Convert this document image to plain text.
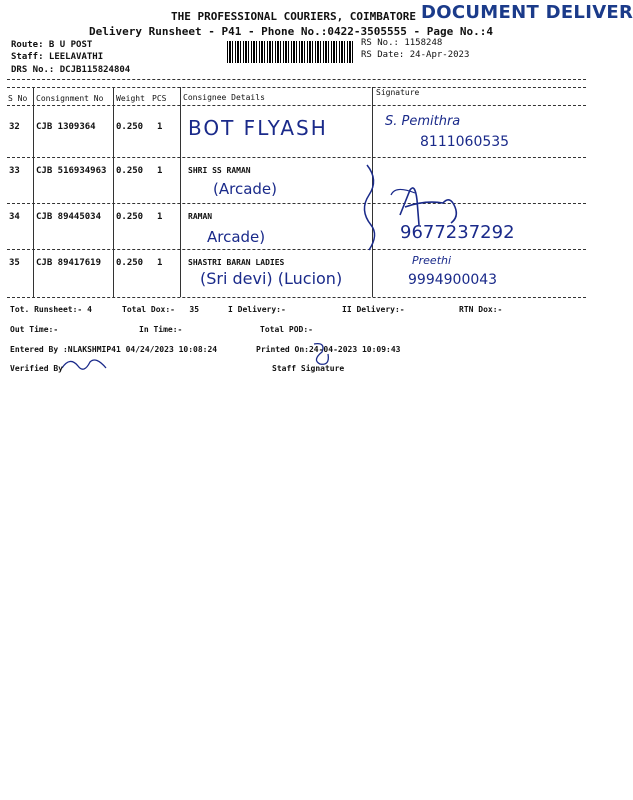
THE PROFESSIONAL COURIERS, COIMBATORE DOCUMENT DELIVER
Delivery Runsheet - P41 - Phone No.:0422-3505555 - Page No.:4
Route: B U POST
Staff: LEELAVATHI
DRS No.: DCJB115824804
RS No.: 1158248
RS Date: 24-Apr-2023
S No Consignment No Weight PCS Consignee Details
Signature
32 CJB 1309364 0.250 1 BOT FLYASH	S. Pemithra
8111060535
33 CJB 516934963 0.250 1	SHRI SS RAMAN
(Arcade)
34 CJB 89445034 0.250 1	RAMAN
Arcade)	9677237292
35 CJB 89417619 0.250 1	SHASTRI BARAN LADIES
(Sri devi) (Lucion)
Preethi
9994900043
Tot. Runsheet:- 4	Total Dox:-   35	I Delivery:-	II Delivery:-	RTN Dox:-
Out Time:-	In Time:-	Total POD:-
Entered By :NLAKSHMIP41 04/24/2023 10:08:24	Printed On:24-04-2023 10:09:43
Verified By	Staff Signature
